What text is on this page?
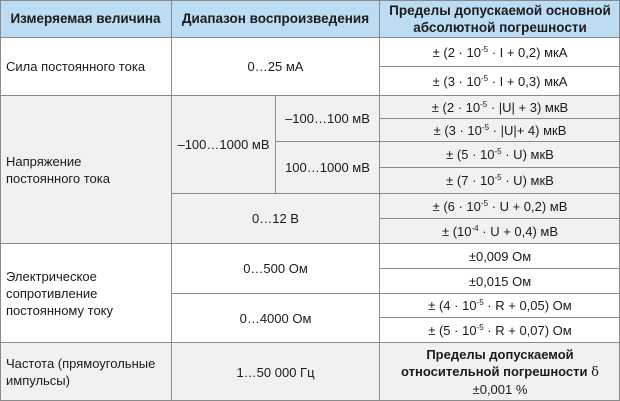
Измеряемая величина Диапазон воспроизведения
Пределы допускаемой основной абсолютной погрешности
Сила постоянного тока	0…25 мА
± $(2 \cdot 10^{-5} \cdot I + 0,2)$ мкА
± $(3 \cdot 10^{-5} \cdot I + 0,3)$ мкА
Напряжение постоянного тока
–100…1000 мВ
–100…100 мВ
100…1000 мВ
± $(2 \cdot 10^{-5} \cdot |U| + 3)$ мкВ
± $(3 \cdot 10^{-5} \cdot |U|+ 4)$ мкВ
± $(5 \cdot 10^{-5} \cdot U)$ мкВ
± $(7 \cdot 10^{-5} \cdot U)$ мкВ
0…12 В
± $(6 \cdot 10^{-5} \cdot U + 0,2)$ мВ
± $(10^{-4} \cdot U + 0,4)$ мВ
Электрическое сопротивление постоянному току
0…500 Ом
±0,009 Ом
±0,015 Ом
0…4000 Ом
± $(4 \cdot 10^{-5} \cdot R + 0,05)$ Ом
± $(5 \cdot 10^{-5} \cdot R + 0,07)$ Ом
Частота (прямоугольные импульсы)
1…50 000 Гц
Пределы допускаемой относительной погрешности δ
±0,001 %
